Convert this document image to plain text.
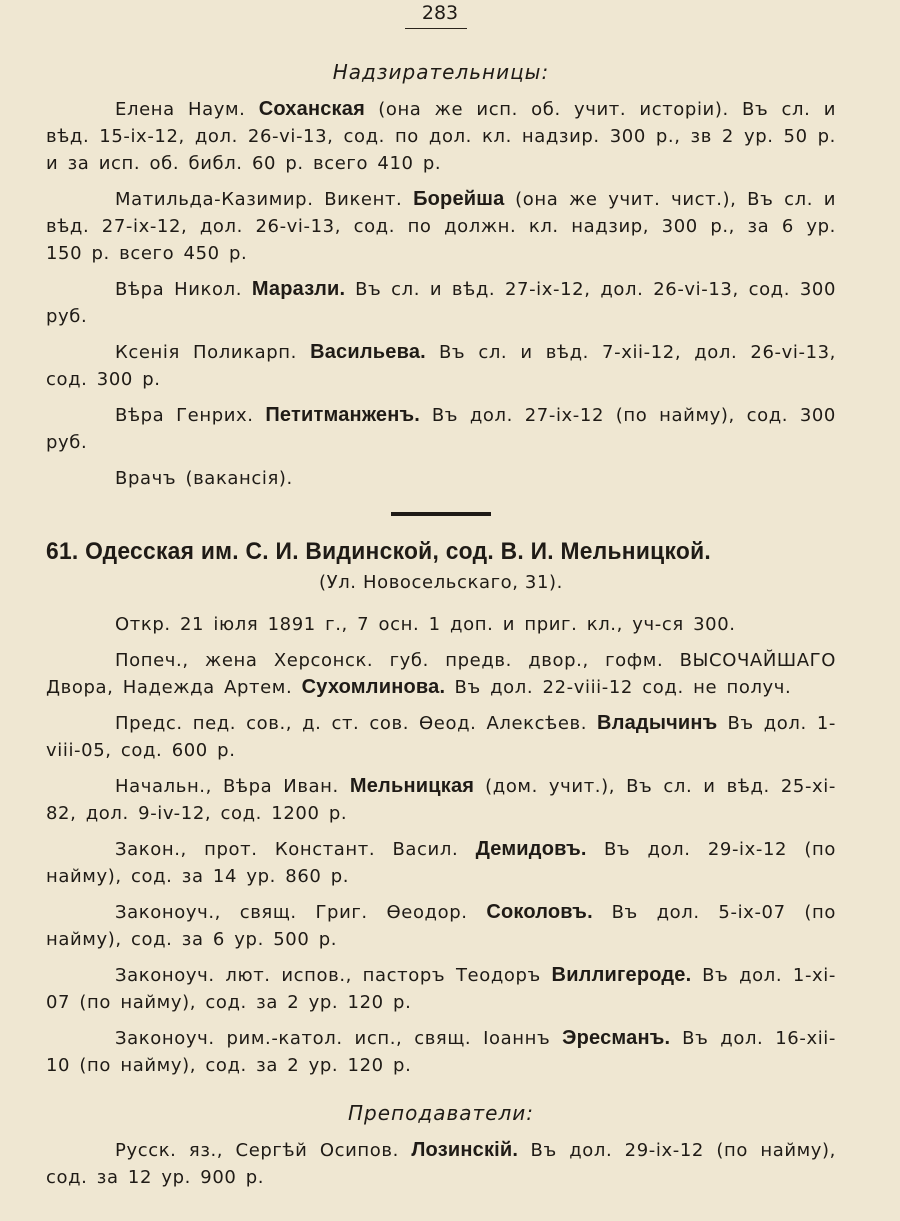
283
Надзирательницы:

Елена Наум. Соханская (она же исп. об. учит. исторіи). Въ сл. и вѣд. 15-ix-12, дол. 26-vi-13, сод. по дол. кл. надзир. 300 р., зв 2 ур. 50 р. и за исп. об. библ. 60 р. всего 410 р.

Матильда-Казимир. Викент. Борейша (она же учит. чист.), Въ сл. и вѣд. 27-ix-12, дол. 26-vi-13, сод. по должн. кл. надзир, 300 р., за 6 ур. 150 р. всего 450 р.

Вѣра Никол. Маразли. Въ сл. и вѣд. 27-ix-12, дол. 26-vi-13, сод. 300 руб.

Ксенія Поликарп. Васильева. Въ сл. и вѣд. 7-xii-12, дол. 26-vi-13, сод. 300 р.

Вѣра Генрих. Петитманженъ. Въ дол. 27-ix-12 (по найму), сод. 300 руб.

Врачъ (вакансія).

61. Одесская им. С. И. Видинской, сод. В. И. Мельницкой.
(Ул. Новосельскаго, 31).

Откр. 21 іюля 1891 г., 7 осн. 1 доп. и приг. кл., уч-ся 300.

Попеч., жена Херсонск. губ. предв. двор., гофм. ВЫСОЧАЙШАГО Двора, Надежда Артем. Сухомлинова. Въ дол. 22-viii-12 сод. не получ.

Предс. пед. сов., д. ст. сов. Ѳеод. Алексѣев. Владычинъ Въ дол. 1-viii-05, сод. 600 р.

Начальн., Вѣра Иван. Мельницкая (дом. учит.), Въ сл. и вѣд. 25-xi-82, дол. 9-iv-12, сод. 1200 р.

Закон., прот. Констант. Васил. Демидовъ. Въ дол. 29-ix-12 (по найму), сод. за 14 ур. 860 р.

Законоуч., свящ. Григ. Ѳеодор. Соколовъ. Въ дол. 5-ix-07 (по найму), сод. за 6 ур. 500 р.

Законоуч. лют. испов., пасторъ Теодоръ Виллигероде. Въ дол. 1-xi-07 (по найму), сод. за 2 ур. 120 р.

Законоуч. рим.-катол. исп., свящ. Іоаннъ Эресманъ. Въ дол. 16-xii-10 (по найму), сод. за 2 ур. 120 р.

Преподаватели:

Русск. яз., Сергѣй Осипов. Лозинскій. Въ дол. 29-ix-12 (по найму), сод. за 12 ур. 900 р.
